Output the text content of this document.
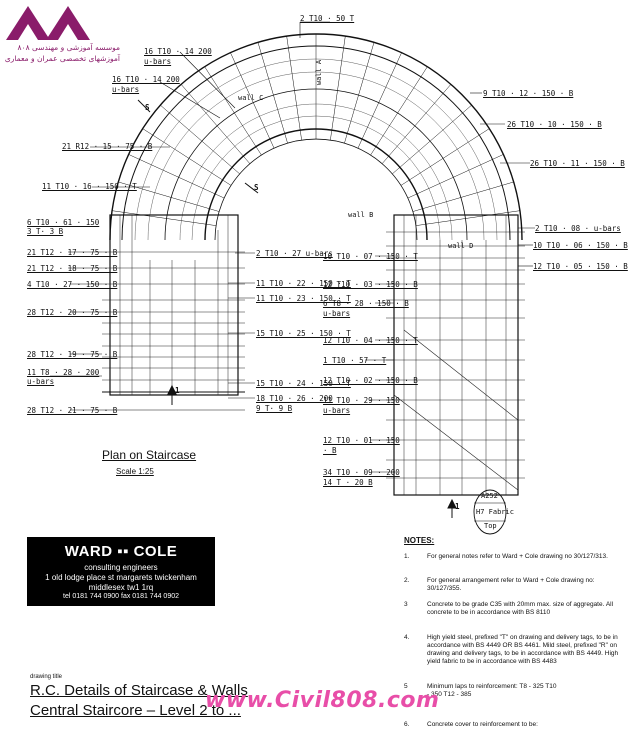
موسسه آموزشی و مهندسی ۸۰۸
آموزشهای تخصصی عمران و معماری
2 T10 · 50 T
16 T10 · 14 200
u-bars
16 T10 · 14 200
u-bars
wall C
wall B
wall D
wall A
S
S
1
1
21 R12 · 15 · 75 · B
11 T10 · 16 · 150 · T
6 T10 · 61 · 150
3 T· 3 B
21 T12 · 17 · 75 · B
21 T12 · 18 · 75 · B
4 T10 · 27 · 150 · B
28 T12 · 20 · 75 · B
28 T12 · 19 · 75 · B
11 T8 · 28 · 200
u-bars
28 T12 · 21 · 75 · B
2 T10 · 27 u-bars
11 T10 · 22 · 150 · T
11 T10 · 23 · 150 · T
15 T10 · 25 · 150 · T
15 T10 · 24 · 150 · T
18 T10 · 26 · 200
9 T· 9 B
10 T10 · 07 · 150 · T
12 T10 · 03 · 150 · B
6 T8 · 28 · 150 · B
u-bars
12 T10 · 04 · 150 · T
1 T10 · 57 · T
12 T10 · 02 · 150 · B
11 T10 · 29 · 150
u-bars
12 T10 · 01 · 150
· B
34 T10 · 09 · 200
14 T · 20 B
9 T10 · 12 · 150 · B
26 T10 · 10 · 150 · B
26 T10 · 11 · 150 · B
2 T10 · 08 · u-bars
10 T10 · 06 · 150 · B
12 T10 · 05 · 150 · B
A252
H7 Fabric
Top
Plan on Staircase
Scale 1:25
WARD ▪▪ COLE
consulting engineers
1 old lodge place st margarets twickenham
middlesex tw1 1rq
tel 0181 744 0900 fax 0181 744 0902
drawing title
R.C. Details of Staircase & Walls
Central Staircore – Level 2 to ...
NOTES:
1.	For general notes refer to Ward + Cole drawing no 30/127/313.
2.	For general arrangement refer to Ward + Cole drawing no: 30/127/355.
3	Concrete to be grade C35 with 20mm max. size of aggregate. All concrete to be in accordance with BS 8110
4.	High yield steel, prefixed "T" on drawing and delivery tags, to be in accordance with BS 4449 OR BS 4461. Mild steel, prefixed "R" on drawing and delivery tags, to be in accordance with BS 4449. High yield fabric to be in accordance with BS 4483
5	Minimum laps to reinforcement: T8 - 325 T10 - 350 T12 - 385
6.	Concrete cover to reinforcement to be:
www.Civil808.com
